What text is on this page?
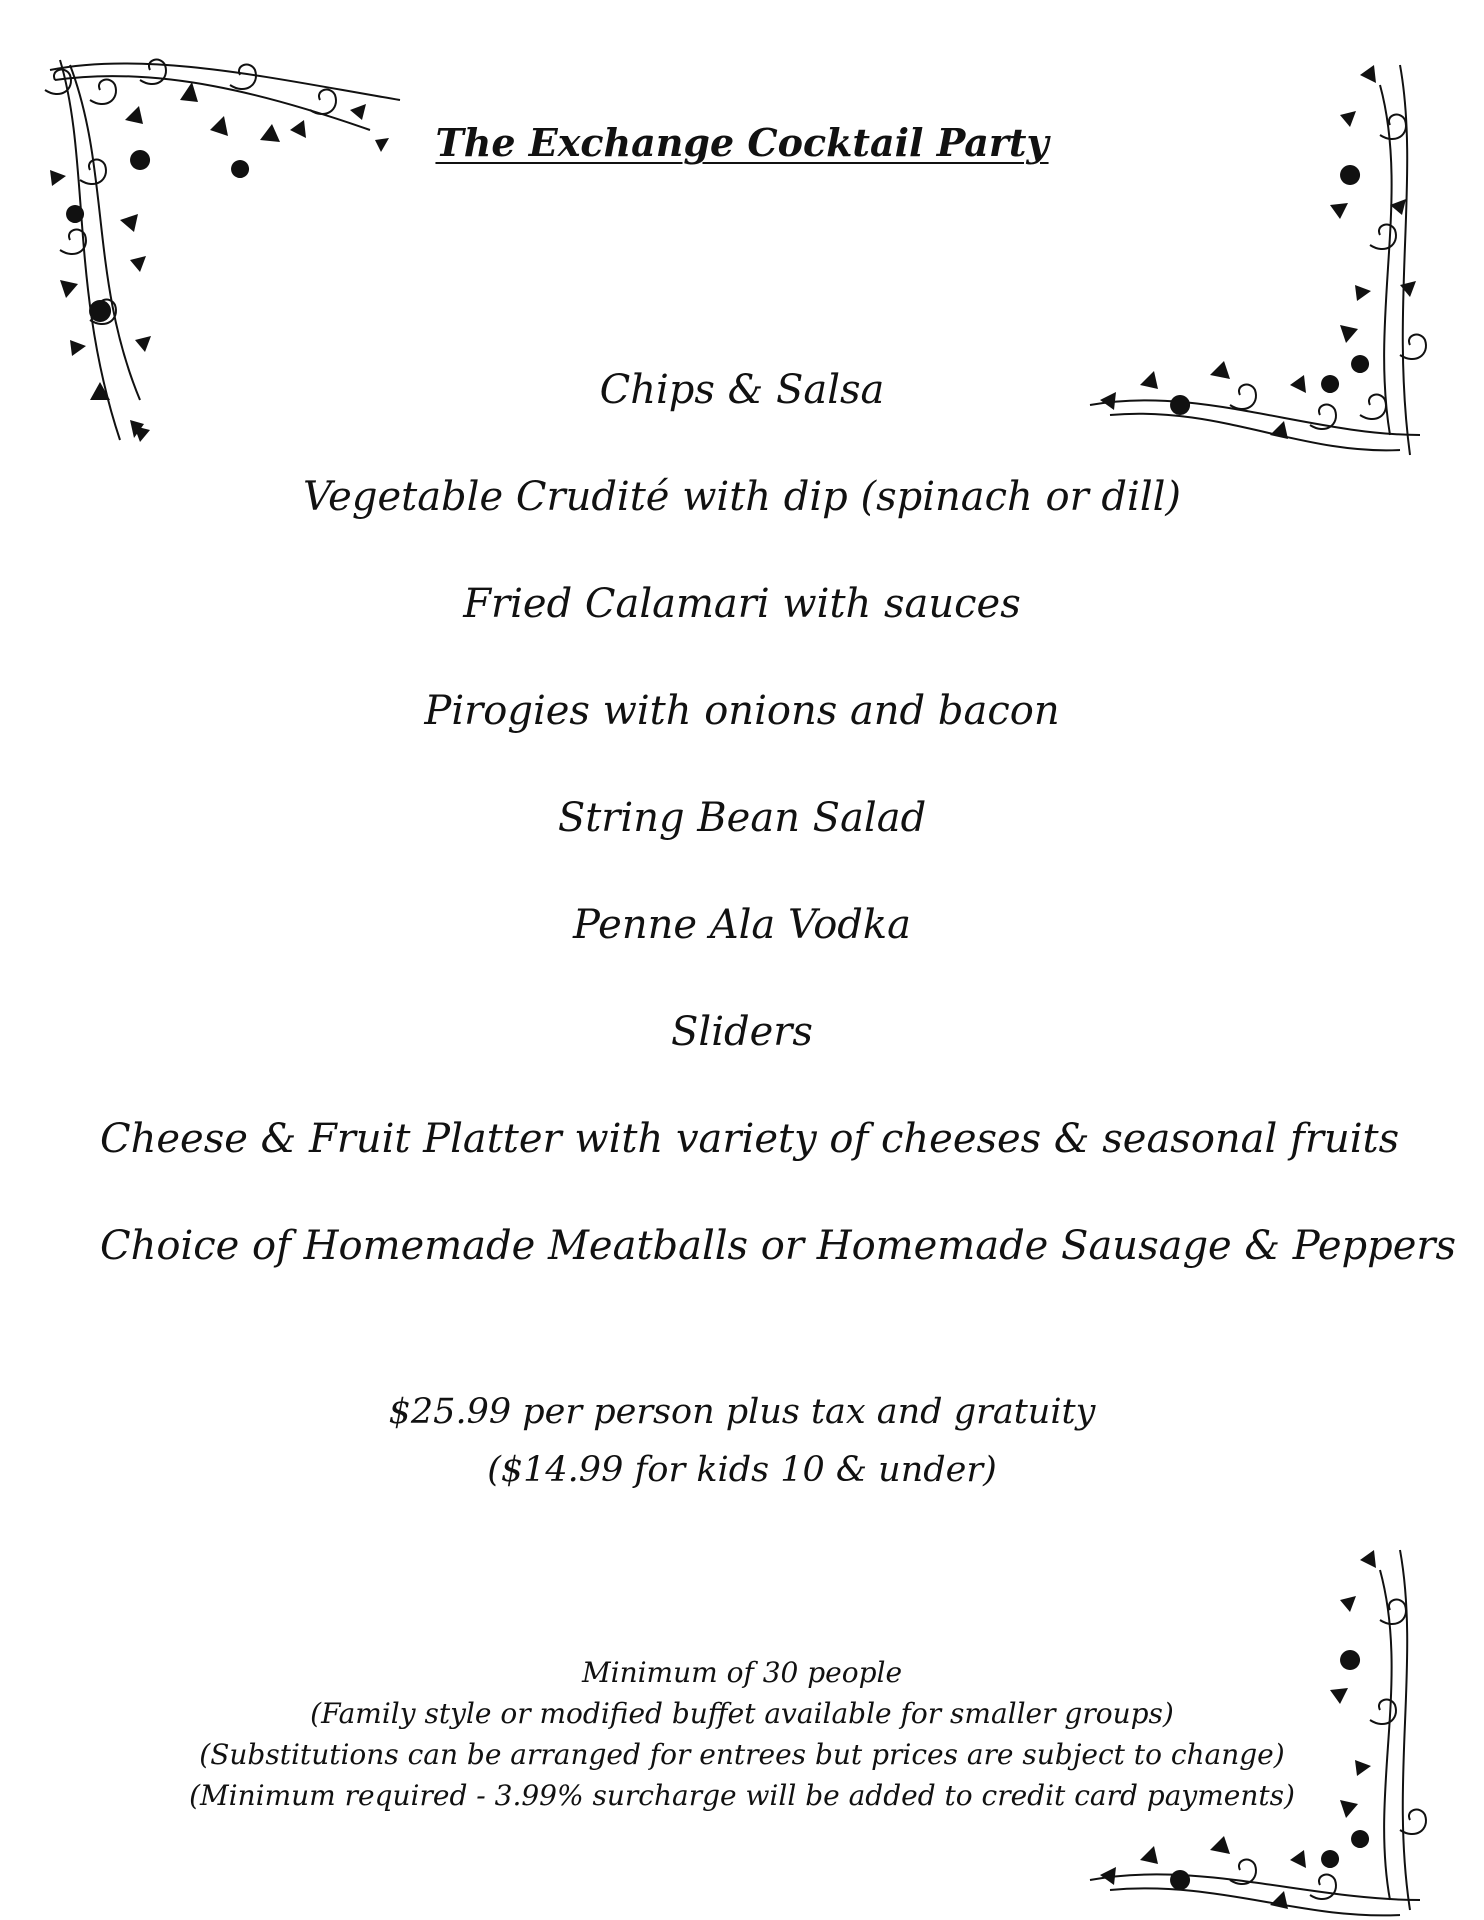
The Exchange Cocktail Party
Chips & Salsa
Vegetable Crudité with dip (spinach or dill)
Fried Calamari with sauces
Pirogies with onions and bacon
String Bean Salad
Penne Ala Vodka
Sliders
Cheese & Fruit Platter with variety of cheeses & seasonal fruits
Choice of Homemade Meatballs or Homemade Sausage & Peppers
$25.99 per person plus tax and gratuity
($14.99 for kids 10 & under)
Minimum of 30 people
(Family style or modified buffet available for smaller groups)
(Substitutions can be arranged for entrees but prices are subject to change)
(Minimum required - 3.99% surcharge will be added to credit card payments)
